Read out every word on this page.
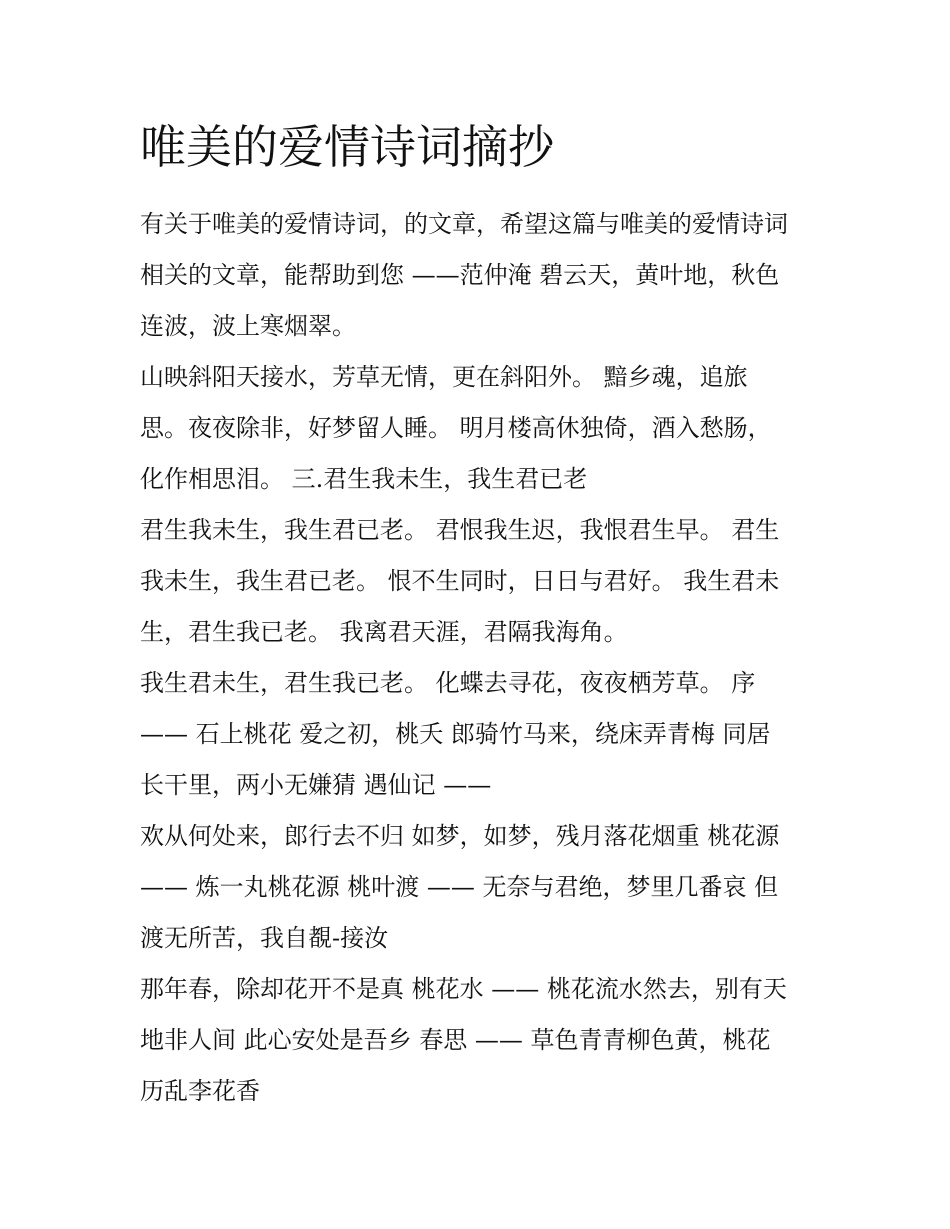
唯美的爱情诗词摘抄
有关于唯美的爱情诗词，的文章，希望这篇与唯美的爱情诗词
相关的文章，能帮助到您 ——范仲淹 碧云天，黄叶地，秋色
连波，波上寒烟翠。
山映斜阳天接水，芳草无情，更在斜阳外。 黯乡魂，追旅
思。夜夜除非，好梦留人睡。 明月楼高休独倚，酒入愁肠，
化作相思泪。 三.君生我未生，我生君已老
君生我未生，我生君已老。 君恨我生迟，我恨君生早。 君生
我未生，我生君已老。 恨不生同时，日日与君好。 我生君未
生，君生我已老。 我离君天涯，君隔我海角。
我生君未生，君生我已老。 化蝶去寻花，夜夜栖芳草。 序
—— 石上桃花 爱之初，桃夭 郎骑竹马来，绕床弄青梅 同居
长干里，两小无嫌猜 遇仙记 ——
欢从何处来，郎行去不归 如梦，如梦，残月落花烟重 桃花源
—— 炼一丸桃花源 桃叶渡 —— 无奈与君绝，梦里几番哀 但
渡无所苦，我自覩-接汝
那年春，除却花开不是真 桃花水 —— 桃花流水然去，别有天
地非人间 此心安处是吾乡 春思 —— 草色青青柳色黄，桃花
历乱李花香
